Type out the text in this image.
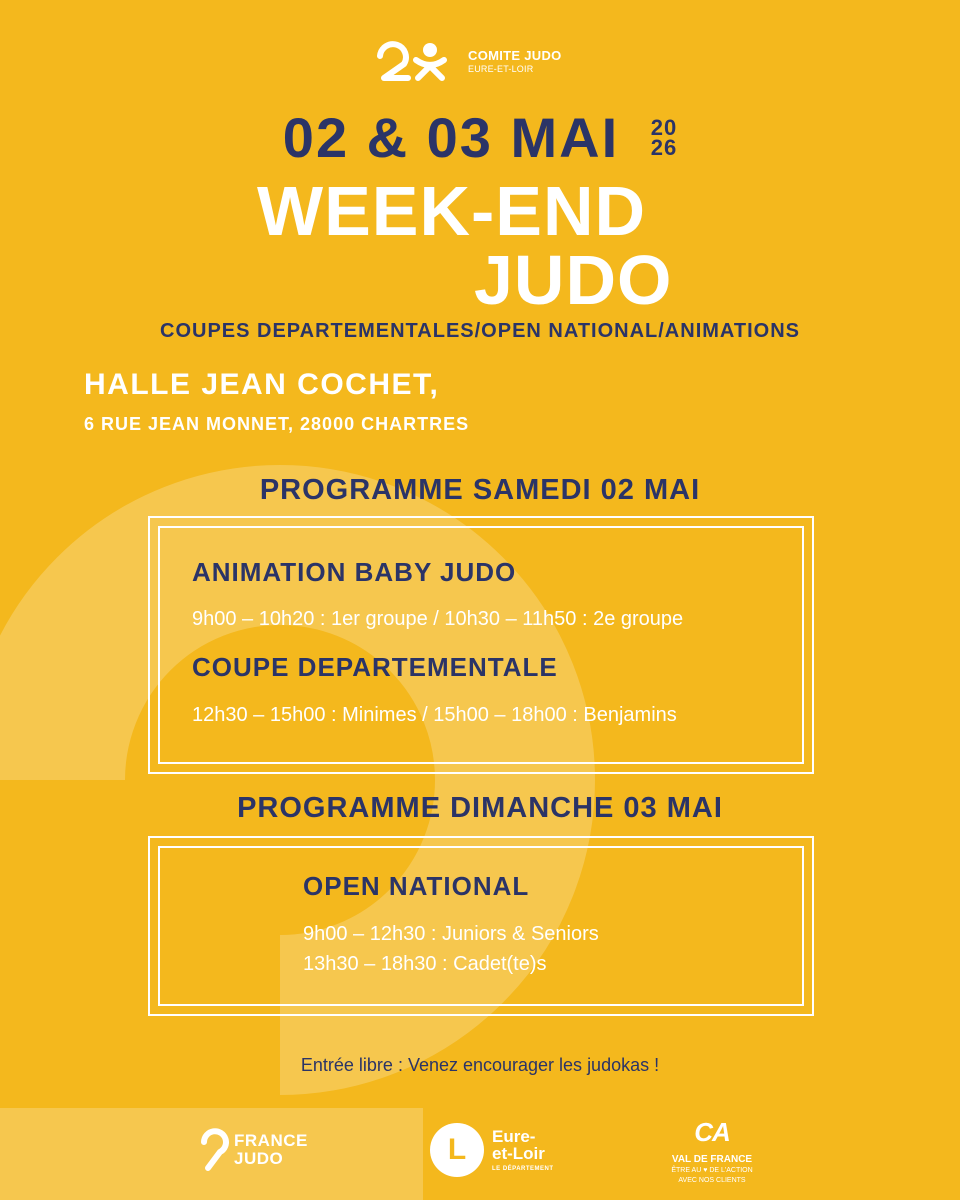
COMITE JUDO
EURE-ET-LOIR
02 & 03 MAI 20
26
WEEK-END
JUDO
COUPES DEPARTEMENTALES/OPEN NATIONAL/ANIMATIONS
HALLE JEAN COCHET,
6 RUE JEAN MONNET, 28000 CHARTRES
PROGRAMME SAMEDI 02 MAI
ANIMATION BABY JUDO
9h00 – 10h20 : 1er groupe / 10h30 – 11h50 : 2e groupe
COUPE DEPARTEMENTALE
12h30 – 15h00 : Minimes / 15h00 – 18h00 : Benjamins
PROGRAMME DIMANCHE 03 MAI
OPEN NATIONAL
9h00 – 12h30 : Juniors & Seniors
13h30 – 18h30 : Cadet(te)s
Entrée libre : Venez encourager les judokas !
FRANCE
JUDO	L	Eure-
et-Loir
LE DÉPARTEMENT
CA
VAL DE FRANCE
ÊTRE AU ♥ DE L'ACTION
AVEC NOS CLIENTS
